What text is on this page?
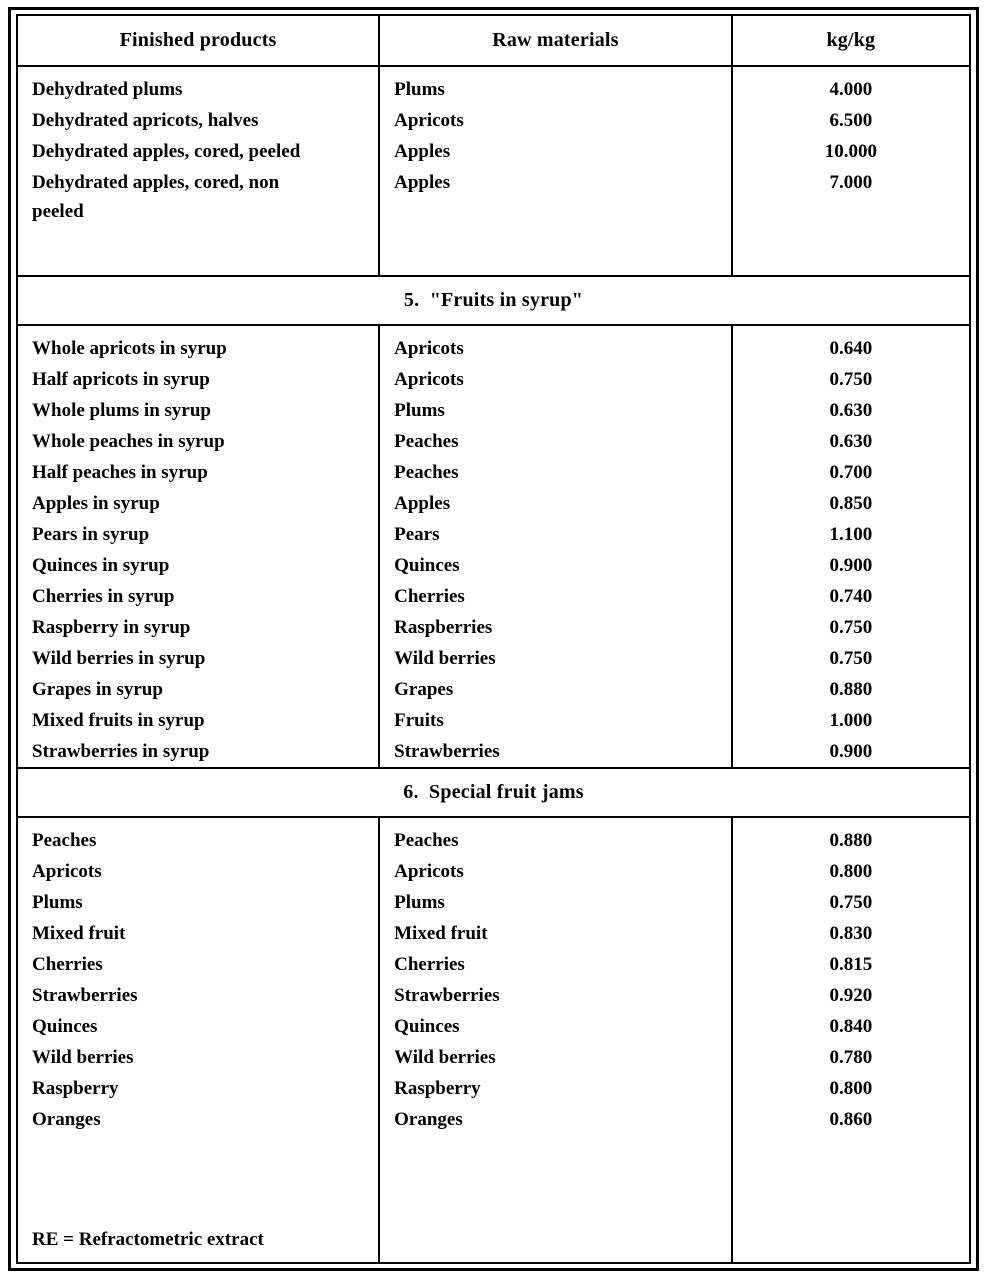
Finished products	Raw materials	kg/kg

Dehydrated plums	Plums	4.000

Dehydrated apricots, halves	Apricots	6.500

Dehydrated apples, cored, peeled	Apples	10.000

Dehydrated apples, cored, non peeled	Apples	7.000

5.  "Fruits in syrup"		

Whole apricots in syrup	Apricots	0.640

Half apricots in syrup	Apricots	0.750

Whole plums in syrup	Plums	0.630

Whole peaches in syrup	Peaches	0.630

Half peaches in syrup	Peaches	0.700

Apples in syrup	Apples	0.850

Pears in syrup	Pears	1.100

Quinces in syrup	Quinces	0.900

Cherries in syrup	Cherries	0.740

Raspberry in syrup	Raspberries	0.750

Wild berries in syrup	Wild berries	0.750

Grapes in syrup	Grapes	0.880

Mixed fruits in syrup	Fruits	1.000

Strawberries in syrup	Strawberries	0.900

6.  Special fruit jams		

Peaches	Peaches	0.880

Apricots	Apricots	0.800

Plums	Plums	0.750

Mixed fruit	Mixed fruit	0.830

Cherries	Cherries	0.815

Strawberries	Strawberries	0.920

Quinces	Quinces	0.840

Wild berries	Wild berries	0.780

Raspberry	Raspberry	0.800

Oranges	Oranges	0.860

RE = Refractometric extract		
